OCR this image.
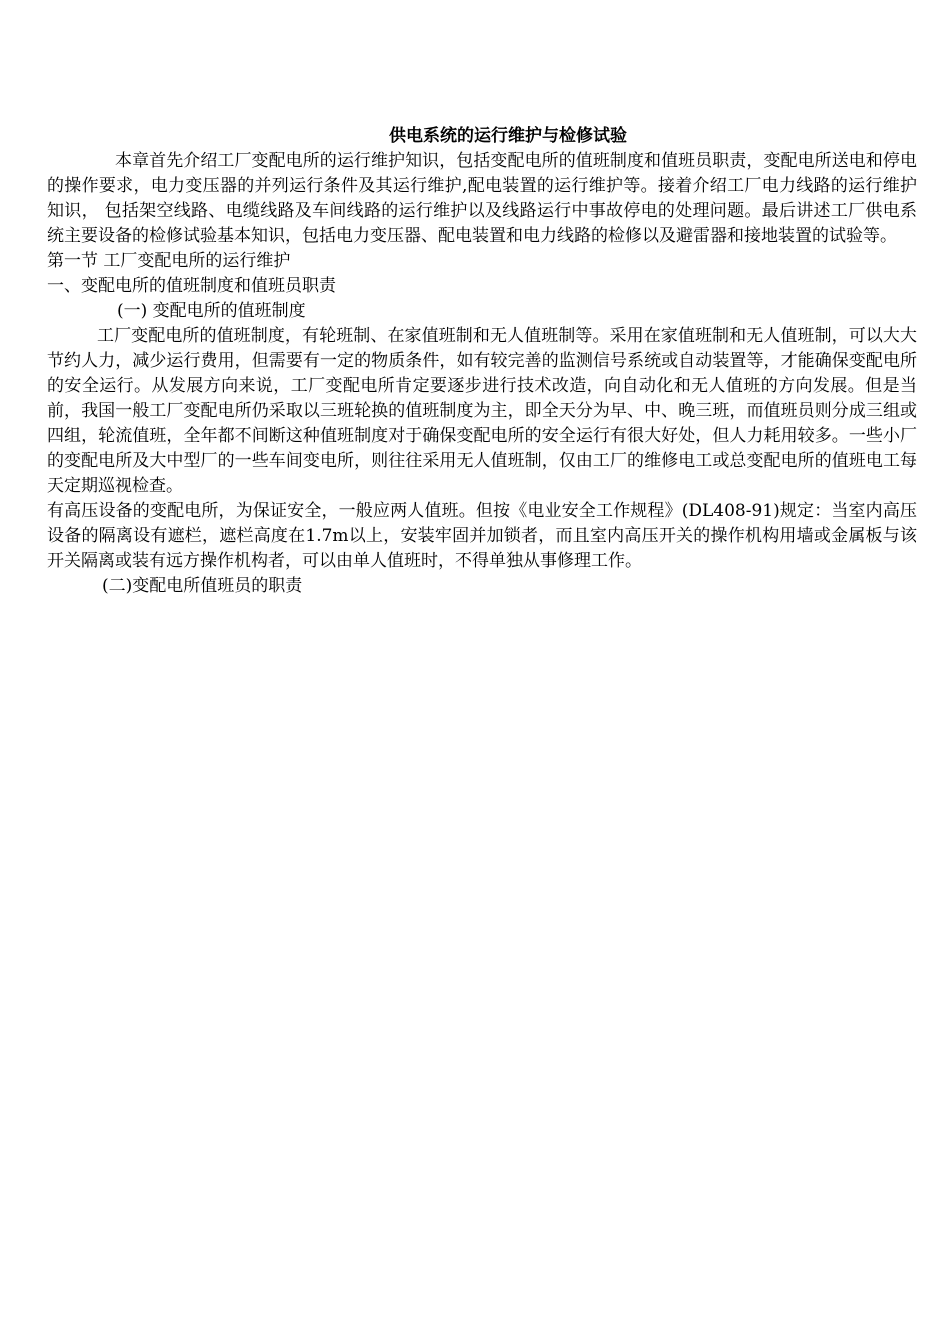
供电系统的运行维护与检修试验

本章首先介绍工厂变配电所的运行维护知识，包括变配电所的值班制度和值班员职责，变配电所送电和停电的操作要求，电力变压器的并列运行条件及其运行维护,配电装置的运行维护等。接着介绍工厂电力线路的运行维护知识， 包括架空线路、电缆线路及车间线路的运行维护以及线路运行中事故停电的处理问题。最后讲述工厂供电系统主要设备的检修试验基本知识，包括电力变压器、配电装置和电力线路的检修以及避雷器和接地装置的试验等。

第一节 工厂变配电所的运行维护

一、变配电所的值班制度和值班员职责

(一) 变配电所的值班制度

工厂变配电所的值班制度，有轮班制、在家值班制和无人值班制等。采用在家值班制和无人值班制，可以大大节约人力，减少运行费用，但需要有一定的物质条件，如有较完善的监测信号系统或自动装置等，才能确保变配电所的安全运行。从发展方向来说，工厂变配电所肯定要逐步进行技术改造，向自动化和无人值班的方向发展。但是当前，我国一般工厂变配电所仍采取以三班轮换的值班制度为主，即全天分为早、中、晚三班，而值班员则分成三组或四组，轮流值班，全年都不间断这种值班制度对于确保变配电所的安全运行有很大好处，但人力耗用较多。一些小厂的变配电所及大中型厂的一些车间变电所，则往往采用无人值班制，仅由工厂的维修电工或总变配电所的值班电工每天定期巡视检查。

有高压设备的变配电所，为保证安全，一般应两人值班。但按《电业安全工作规程》(DL408-91)规定：当室内高压设备的隔离设有遮栏，遮栏高度在1.7m以上，安装牢固并加锁者，而且室内高压开关的操作机构用墙或金属板与该开关隔离或装有远方操作机构者，可以由单人值班时，不得单独从事修理工作。

(二)变配电所值班员的职责
